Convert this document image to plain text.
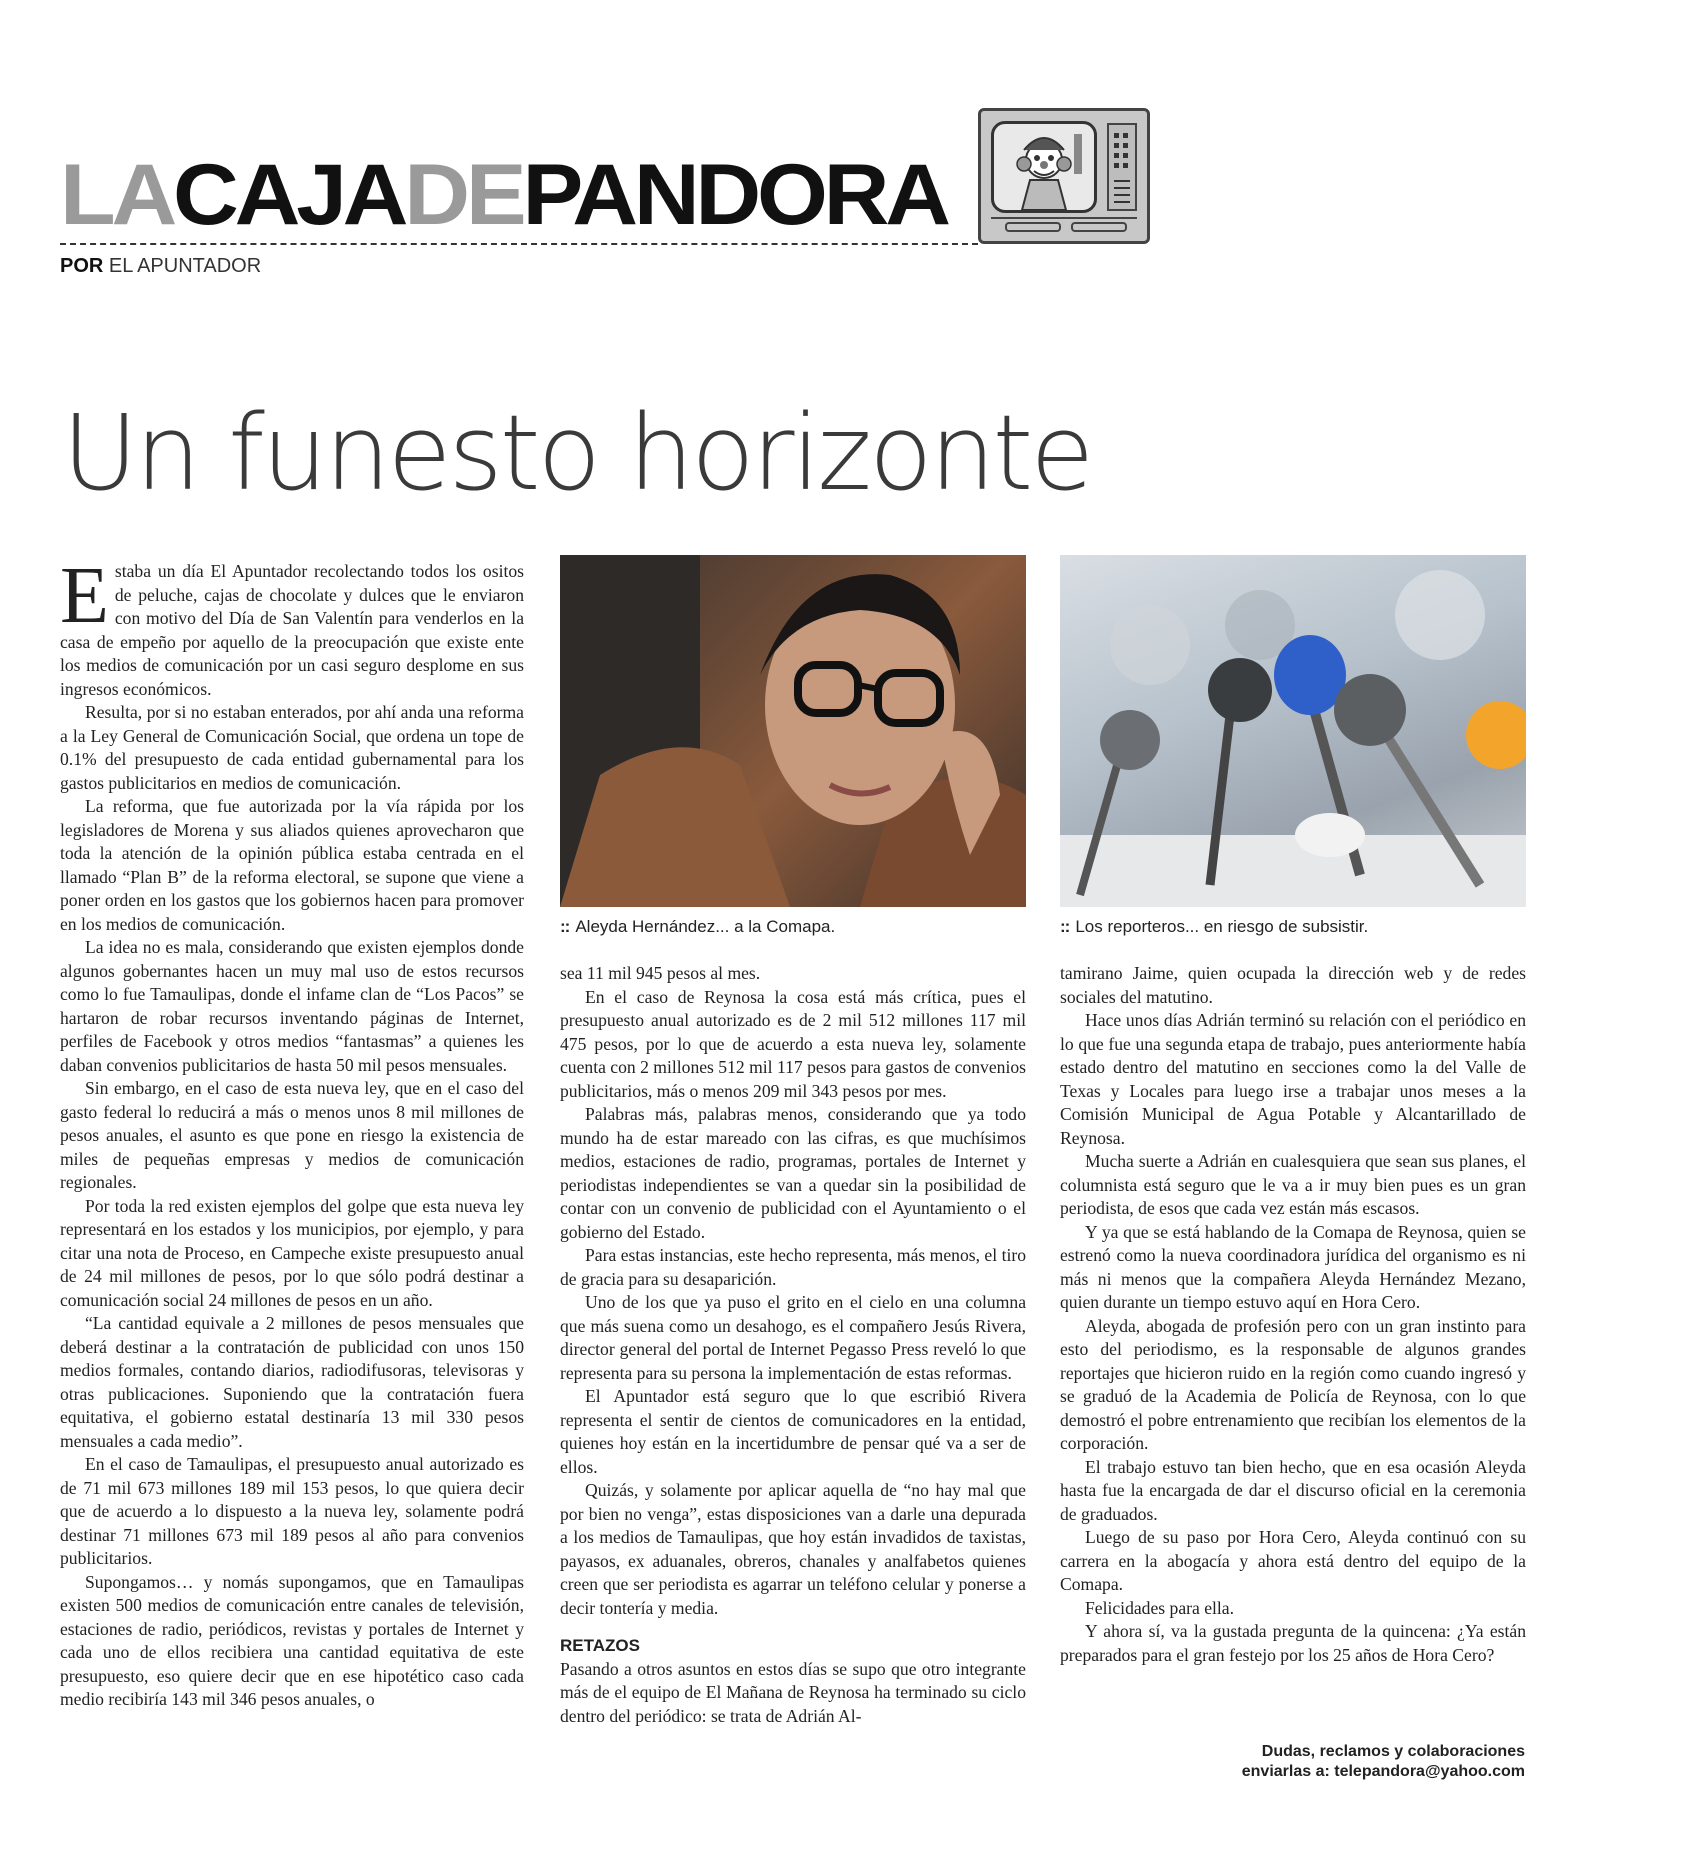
LACAJADEPANDORA
POR EL APUNTADOR
Un funesto horizonte

Estaba un día El Apuntador recolectando todos los ositos de peluche, cajas de chocolate y dulces que le enviaron con motivo del Día de San Valentín para venderlos en la casa de empeño por aquello de la preocupación que existe ente los medios de comunicación por un casi seguro desplome en sus ingresos económicos.

Resulta, por si no estaban enterados, por ahí anda una reforma a la Ley General de Comunicación Social, que ordena un tope de 0.1% del presupuesto de cada entidad gubernamental para los gastos publicitarios en medios de comunicación.

La reforma, que fue autorizada por la vía rápida por los legisladores de Morena y sus aliados quienes aprovecharon que toda la atención de la opinión pública estaba centrada en el llamado “Plan B” de la reforma electoral, se supone que viene a poner orden en los gastos que los gobiernos hacen para promover en los medios de comunicación.

La idea no es mala, considerando que existen ejemplos donde algunos gobernantes hacen un muy mal uso de estos recursos como lo fue Tamaulipas, donde el infame clan de “Los Pacos” se hartaron de robar recursos inventando páginas de Internet, perfiles de Facebook y otros medios “fantasmas” a quienes les daban convenios publicitarios de hasta 50 mil pesos mensuales.

Sin embargo, en el caso de esta nueva ley, que en el caso del gasto federal lo reducirá a más o menos unos 8 mil millones de pesos anuales, el asunto es que pone en riesgo la existencia de miles de pequeñas empresas y medios de comunicación regionales.

Por toda la red existen ejemplos del golpe que esta nueva ley representará en los estados y los municipios, por ejemplo, y para citar una nota de Proceso, en Campeche existe presupuesto anual de 24 mil millones de pesos, por lo que sólo podrá destinar a comunicación social 24 millones de pesos en un año.

“La cantidad equivale a 2 millones de pesos mensuales que deberá destinar a la contratación de publicidad con unos 150 medios formales, contando diarios, radiodifusoras, televisoras y otras publicaciones. Suponiendo que la contratación fuera equitativa, el gobierno estatal destinaría 13 mil 330 pesos mensuales a cada medio”.

En el caso de Tamaulipas, el presupuesto anual autorizado es de 71 mil 673 millones 189 mil 153 pesos, lo que quiera decir que de acuerdo a lo dispuesto a la nueva ley, solamente podrá destinar 71 millones 673 mil 189 pesos al año para convenios publicitarios.

Supongamos… y nomás supongamos, que en Tamaulipas existen 500 medios de comunicación entre canales de televisión, estaciones de radio, periódicos, revistas y portales de Internet y cada uno de ellos recibiera una cantidad equitativa de este presupuesto, eso quiere decir que en ese hipotético caso cada medio recibiría 143 mil 346 pesos anuales, o

:: Aleyda Hernández... a la Comapa.	:: Los reporteros... en riesgo de subsistir.

sea 11 mil 945 pesos al mes.

En el caso de Reynosa la cosa está más crítica, pues el presupuesto anual autorizado es de 2 mil 512 millones 117 mil 475 pesos, por lo que de acuerdo a esta nueva ley, solamente cuenta con 2 millones 512 mil 117 pesos para gastos de convenios publicitarios, más o menos 209 mil 343 pesos por mes.

Palabras más, palabras menos, considerando que ya todo mundo ha de estar mareado con las cifras, es que muchísimos medios, estaciones de radio, programas, portales de Internet y periodistas independientes se van a quedar sin la posibilidad de contar con un convenio de publicidad con el Ayuntamiento o el gobierno del Estado.

Para estas instancias, este hecho representa, más menos, el tiro de gracia para su desaparición.

Uno de los que ya puso el grito en el cielo en una columna que más suena como un desahogo, es el compañero Jesús Rivera, director general del portal de Internet Pegasso Press reveló lo que representa para su persona la implementación de estas reformas.

El Apuntador está seguro que lo que escribió Rivera representa el sentir de cientos de comunicadores en la entidad, quienes hoy están en la incertidumbre de pensar qué va a ser de ellos.

Quizás, y solamente por aplicar aquella de “no hay mal que por bien no venga”, estas disposiciones van a darle una depurada a los medios de Tamaulipas, que hoy están invadidos de taxistas, payasos, ex aduanales, obreros, chanales y analfabetos quienes creen que ser periodista es agarrar un teléfono celular y ponerse a decir tontería y media.

RETAZOS

Pasando a otros asuntos en estos días se supo que otro integrante más de el equipo de El Mañana de Reynosa ha terminado su ciclo dentro del periódico: se trata de Adrián Al-

tamirano Jaime, quien ocupada la dirección web y de redes sociales del matutino.

Hace unos días Adrián terminó su relación con el periódico en lo que fue una segunda etapa de trabajo, pues anteriormente había estado dentro del matutino en secciones como la del Valle de Texas y Locales para luego irse a trabajar unos meses a la Comisión Municipal de Agua Potable y Alcantarillado de Reynosa.

Mucha suerte a Adrián en cualesquiera que sean sus planes, el columnista está seguro que le va a ir muy bien pues es un gran periodista, de esos que cada vez están más escasos.

Y ya que se está hablando de la Comapa de Reynosa, quien se estrenó como la nueva coordinadora jurídica del organismo es ni más ni menos que la compañera Aleyda Hernández Mezano, quien durante un tiempo estuvo aquí en Hora Cero.

Aleyda, abogada de profesión pero con un gran instinto para esto del periodismo, es la responsable de algunos grandes reportajes que hicieron ruido en la región como cuando ingresó y se graduó de la Academia de Policía de Reynosa, con lo que demostró el pobre entrenamiento que recibían los elementos de la corporación.

El trabajo estuvo tan bien hecho, que en esa ocasión Aleyda hasta fue la encargada de dar el discurso oficial en la ceremonia de graduados.

Luego de su paso por Hora Cero, Aleyda continuó con su carrera en la abogacía y ahora está dentro del equipo de la Comapa.

Felicidades para ella.

Y ahora sí, va la gustada pregunta de la quincena: ¿Ya están preparados para el gran festejo por los 25 años de Hora Cero?

Dudas, reclamos y colaboraciones
enviarlas a: telepandora@yahoo.com
